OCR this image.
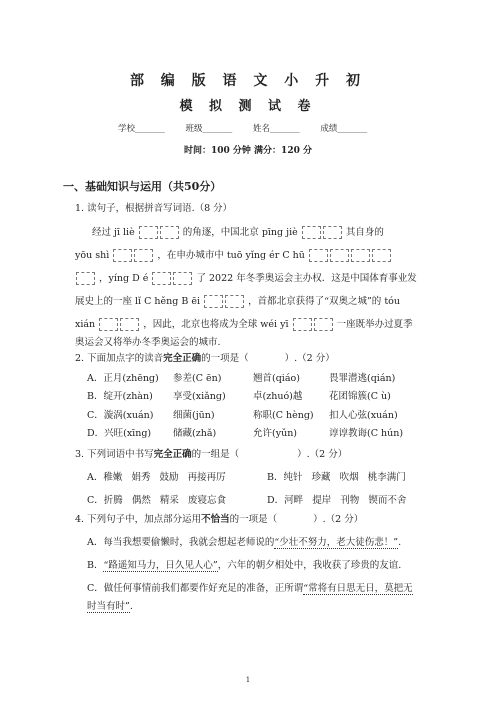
部 编 版 语 文 小 升 初
模 拟 测 试 卷
学校_______ 班级_______ 姓名_______ 成绩_______
时间：100 分钟 满分：120 分
一、基础知识与运用（共50分）
1. 读句子，根据拼音写词语.（8 分）
经过 jī liè	的角逐，中国北京 pīng jiè	其自身的
yōu shì	，在申办城市中 tuō yǐng ér C hū
，yíng D é	了 2022 年冬季奥运会主办权．这是中国体育事业发
展史上的一座 lǐ C hěng B ēi	，首都北京获得了“双奥之城”的 tóu
xián	，因此，北京也将成为全球 wéi yī	一座既举办过夏季
奥运会又将举办冬季奥运会的城市.
2. 下面加点字的读音完全正确的一项是（	）.（2 分）
A．正月(zhēng) 参差(C ēn)	翘首(qiáo)	畏罪潜逃(qián)
B．绽开(zhàn) 享受(xiǎng)	卓(zhuó)越	花团锦簇(C ù)
C．漩涡(xuán) 细菌(jūn)	称职(C hèng) 扣人心弦(xuán)
D．兴旺(xīng) 储藏(zhǎ)	允许(yǔn)	谆谆教诲(C hún)
3. 下列词语中书写完全正确的一组是（	）.（2 分）
A．稚嫩 娟秀 鼓励 再接再厉	B．纯针 珍藏 吹烟 桃李满门
C．折腾 偶然 精采 废寝忘食	D．河畔 提岸 刊物 锲而不舍
4. 下列句子中，加点部分运用不恰当的一项是（	）.（2 分）
A．每当我想要偷懒时，我就会想起老师说的“少壮不努力，老大徒伤悲！”.
B．“路遥知马力，日久见人心”，六年的朝夕相处中，我收获了珍贵的友谊.
C．做任何事情前我们都要作好充足的准备，正所谓“常将有日思无日，莫把无
时当有时”.
1
